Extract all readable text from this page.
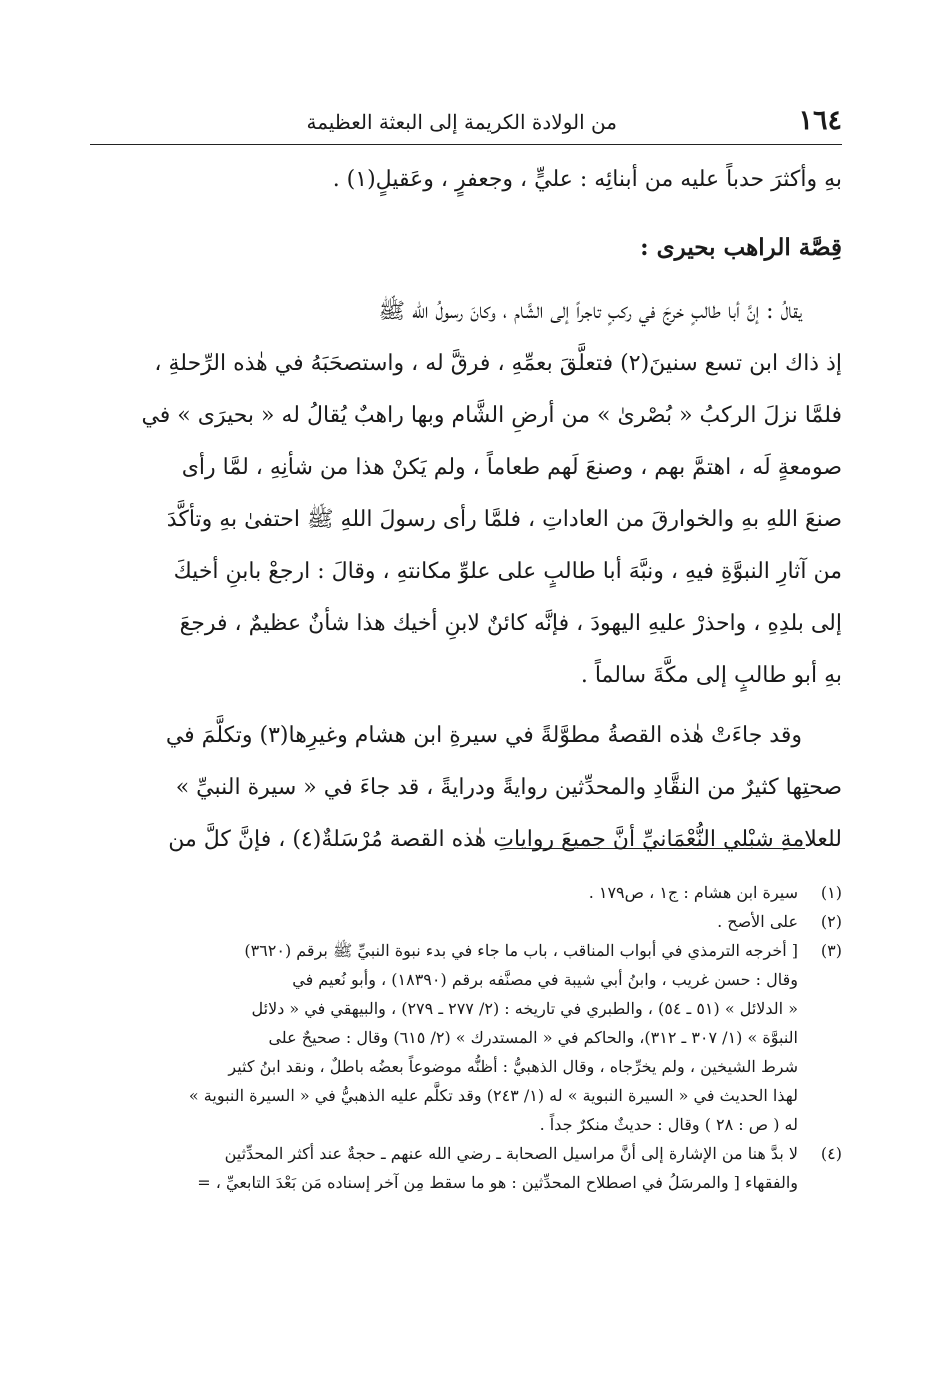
١٦٤
من الولادة الكريمة إلى البعثة العظيمة
بهِ وأكثرَ حدباً عليه من أبنائِه : عليٍّ ، وجعفرٍ ، وعَقيلٍ(١) .
قِصَّة الراهب بحيرى :
يقالُ : إنَّ أبا طالبٍ خرجَ في ركبٍ تاجراً إلى الشَّام ، وكانَ رسولُ الله ﷺ
إذ ذاك ابن تسع سنينَ(٢) فتعلَّقَ بعمِّهِ ، فرقَّ له ، واستصحَبَهُ في هٰذه الرِّحلةِ ،
فلمَّا نزلَ الركبُ « بُصْرىٰ » من أرضِ الشَّام وبها راهبٌ يُقالُ له « بحيرَى » في
صومعةٍ لَه ، اهتمَّ بهم ، وصنعَ لَهم طعاماً ، ولم يَكنْ هذا من شأنِهِ ، لمَّا رأى
صنعَ اللهِ بهِ والخوارقَ من العاداتِ ، فلمَّا رأى رسولَ اللهِ ﷺ احتفىٰ بهِ وتأكَّدَ
من آثارِ النبوَّةِ فيهِ ، ونبَّهَ أبا طالبٍ على علوِّ مكانتهِ ، وقالَ : ارجعْ بابنِ أخيكَ
إلى بلدِهِ ، واحذرْ عليهِ اليهودَ ، فإنَّه كائنٌ لابنِ أخيك هذا شأنٌ عظيمٌ ، فرجعَ
بهِ أبو طالبٍ إلى مكَّةَ سالماً .
وقد جاءَتْ هٰذه القصةُ مطوَّلةً في سيرةِ ابن هشام وغيرِها(٣) وتكلَّمَ في
صحتِها كثيرٌ من النقَّادِ والمحدِّثين روايةً ودرايةً ، قد جاءَ في « سيرة النبيِّ »
للعلامةِ شبْلي النُّعْمَانيِّ أنَّ جميعَ رواياتِ هٰذه القصة مُرْسَلةٌ(٤) ، فإنَّ كلَّ من
(١)
سيرة ابن هشام : ج١ ، ص١٧٩ .
(٢)
على الأصح .
(٣)
[ أخرجه الترمذي في أبواب المناقب ، باب ما جاء في بدء نبوة النبيِّ ﷺ برقم (٣٦٢٠)
وقال : حسن غريب ، وابنُ أبي شيبة في مصنَّفه برقم (١٨٣٩٠) ، وأبو نُعيم في
« الدلائل » (٥١ ـ ٥٤) ، والطبري في تاريخه : (٢/ ٢٧٧ ـ ٢٧٩) ، والبيهقي في « دلائل
النبوَّة » (١/ ٣٠٧ ـ ٣١٢)، والحاكم في « المستدرك » (٢/ ٦١٥) وقال : صحيحٌ على
شرط الشيخين ، ولم يخرِّجاه ، وقال الذهبيُّ : أظنُّه موضوعاً بعضُه باطلٌ ، ونقد ابنُ كثير
لهذا الحديث في « السيرة النبوية » له (١/ ٢٤٣) وقد تكلَّم عليه الذهبيُّ في « السيرة النبوية »
له ( ص : ٢٨ ) وقال : حديثٌ منكرٌ جداً .
(٤)
لا بدَّ هنا من الإشارة إلى أنَّ مراسيل الصحابة ـ رضي الله عنهم ـ حجةٌ عند أكثر المحدِّثين
والفقهاء [ والمرسَلُ في اصطلاح المحدِّثين : هو ما سقط مِن آخر إسناده مَن بَعْدَ التابعيِّ ، =
